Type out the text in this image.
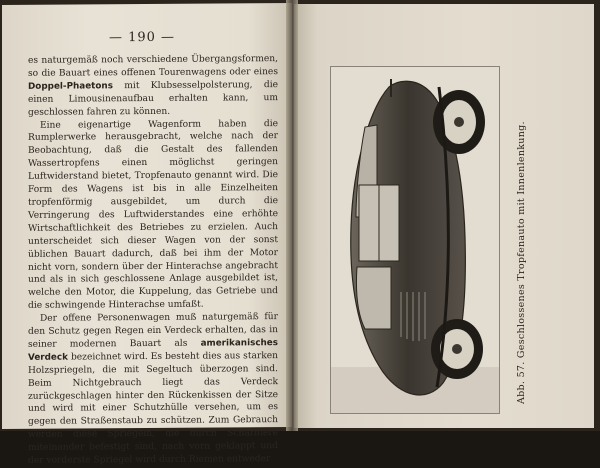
— 190 —

es naturgemäß noch verschiedene Übergangsformen, so die Bauart eines offenen Tourenwagens oder eines Doppel-Phaetons mit Klubsesselpolsterung, die einen Limousinenaufbau erhalten kann, um geschlossen fahren zu können.

Eine eigenartige Wagenform haben die Rumplerwerke herausgebracht, welche nach der Beobachtung, daß die Gestalt des fallenden Wassertropfens einen möglichst geringen Luftwiderstand bietet, Tropfenauto genannt wird. Die Form des Wagens ist bis in alle Einzelheiten tropfenförmig ausgebildet, um durch die Verringerung des Luftwiderstandes eine erhöhte Wirtschaftlichkeit des Betriebes zu erzielen. Auch unterscheidet sich dieser Wagen von der sonst üblichen Bauart dadurch, daß bei ihm der Motor nicht vorn, sondern über der Hinterachse angebracht und als in sich geschlossene Anlage ausgebildet ist, welche den Motor, die Kuppelung, das Getriebe und die schwingende Hinterachse umfaßt.

Der offene Personenwagen muß naturgemäß für den Schutz gegen Regen ein Verdeck erhalten, das in seiner modernen Bauart als amerikanisches Verdeck bezeichnet wird. Es besteht dies aus starken Holzspriegeln, die mit Segeltuch überzogen sind. Beim Nichtgebrauch liegt das Verdeck zurückgeschlagen hinter den Rückenkissen der Sitze und wird mit einer Schutzhülle versehen, um es gegen den Straßenstaub zu schützen. Zum Gebrauch werden diese Spriegeln, die durch Scharniere miteinander befestigt sind, nach vorn geklappt und der vorderste Spriegel wird durch Riemen entweder

Abb. 57. Geschlossenes Tropfenauto mit Innenlenkung.
